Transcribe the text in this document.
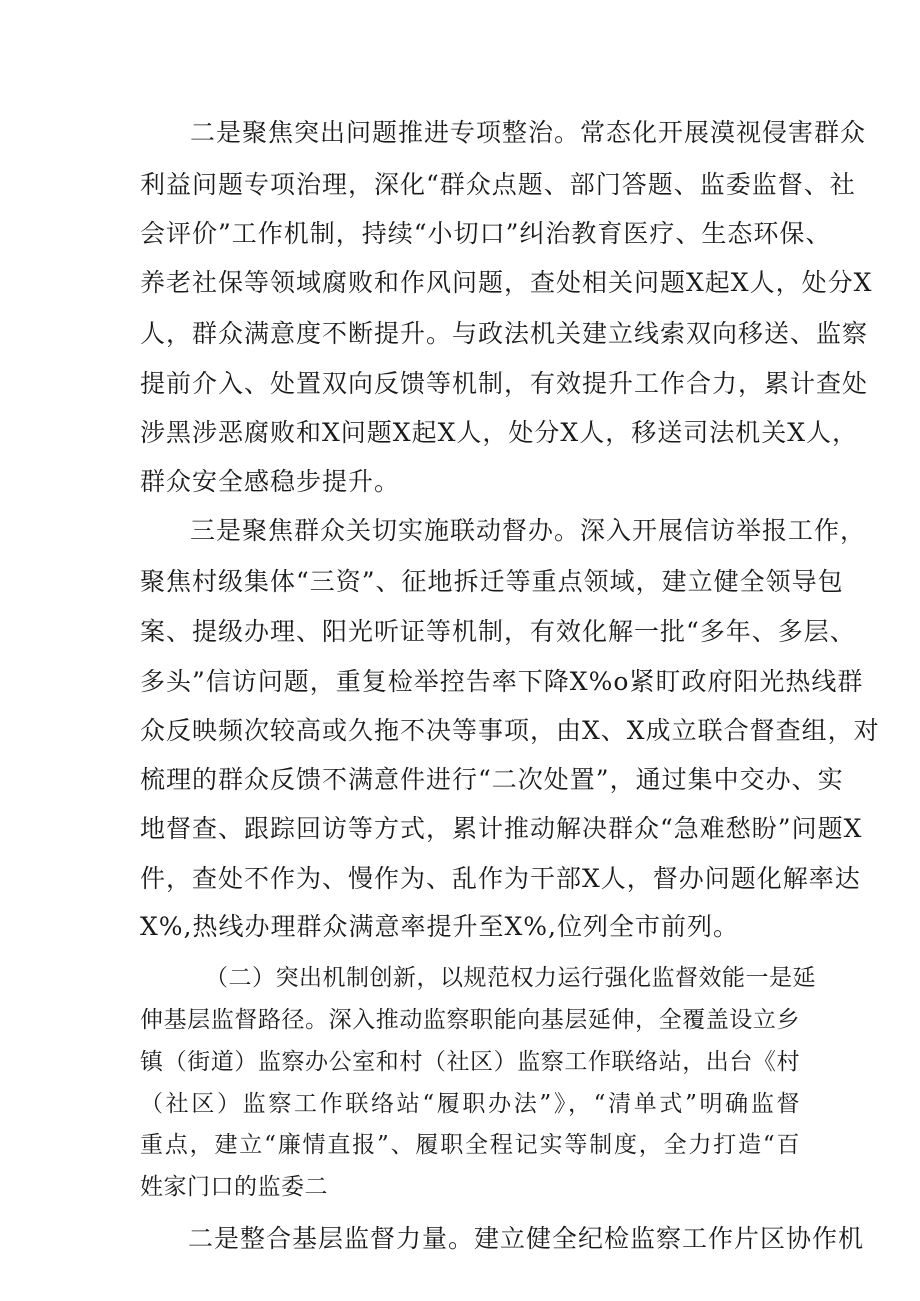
二是聚焦突出问题推进专项整治。常态化开展漠视侵害群众
利益问题专项治理，深化“群众点题、部门答题、监委监督、社
会评价”工作机制，持续“小切口”纠治教育医疗、生态环保、
养老社保等领域腐败和作风问题，查处相关问题X起X人，处分X
人，群众满意度不断提升。与政法机关建立线索双向移送、监察
提前介入、处置双向反馈等机制，有效提升工作合力，累计查处
涉黑涉恶腐败和X问题X起X人，处分X人，移送司法机关X人，
群众安全感稳步提升。
三是聚焦群众关切实施联动督办。深入开展信访举报工作，
聚焦村级集体“三资”、征地拆迁等重点领域，建立健全领导包
案、提级办理、阳光听证等机制，有效化解一批“多年、多层、
多头”信访问题，重复检举控告率下降X%o紧盯政府阳光热线群
众反映频次较高或久拖不决等事项，由X、X成立联合督查组，对
梳理的群众反馈不满意件进行“二次处置”，通过集中交办、实
地督查、跟踪回访等方式，累计推动解决群众“急难愁盼”问题X
件，查处不作为、慢作为、乱作为干部X人，督办问题化解率达
X%,热线办理群众满意率提升至X%,位列全市前列。
（二）突出机制创新，以规范权力运行强化监督效能一是延
伸基层监督路径。深入推动监察职能向基层延伸，全覆盖设立乡
镇（街道）监察办公室和村（社区）监察工作联络站，出台《村
（社区）监察工作联络站“履职办法”》，“清单式”明确监督
重点，建立“廉情直报”、履职全程记实等制度，全力打造“百
姓家门口的监委二
二是整合基层监督力量。建立健全纪检监察工作片区协作机
